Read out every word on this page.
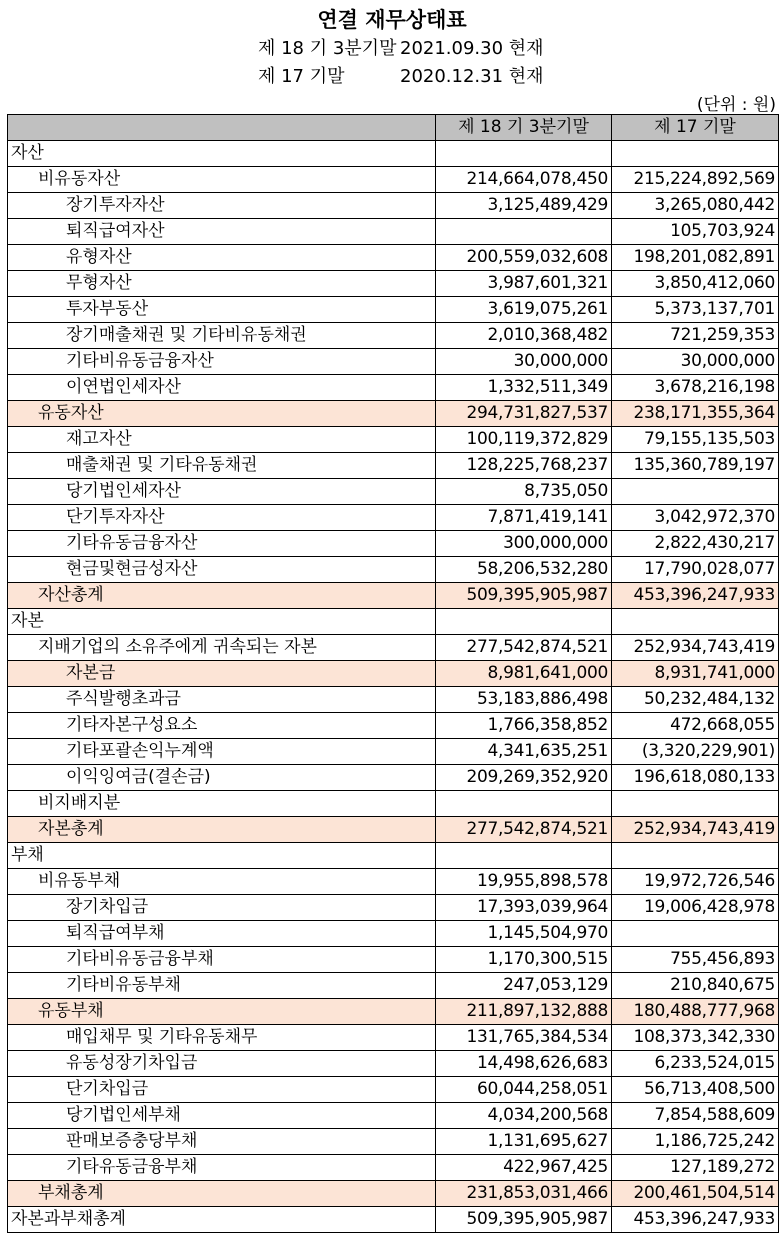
연결 재무상태표
제 18 기 3분기말 2021.09.30 현재
제 17 기말	2020.12.31 현재
(단위 : 원)
	제 18 기 3분기말	제 17 기말
자산		
비유동자산	214,664,078,450	215,224,892,569
장기투자자산	3,125,489,429	3,265,080,442
퇴직급여자산		105,703,924
유형자산	200,559,032,608	198,201,082,891
무형자산	3,987,601,321	3,850,412,060
투자부동산	3,619,075,261	5,373,137,701
장기매출채권 및 기타비유동채권	2,010,368,482	721,259,353
기타비유동금융자산	30,000,000	30,000,000
이연법인세자산	1,332,511,349	3,678,216,198
유동자산	294,731,827,537	238,171,355,364
재고자산	100,119,372,829	79,155,135,503
매출채권 및 기타유동채권	128,225,768,237	135,360,789,197
당기법인세자산	8,735,050	
단기투자자산	7,871,419,141	3,042,972,370
기타유동금융자산	300,000,000	2,822,430,217
현금및현금성자산	58,206,532,280	17,790,028,077
자산총계	509,395,905,987	453,396,247,933
자본		
지배기업의 소유주에게 귀속되는 자본	277,542,874,521	252,934,743,419
자본금	8,981,641,000	8,931,741,000
주식발행초과금	53,183,886,498	50,232,484,132
기타자본구성요소	1,766,358,852	472,668,055
기타포괄손익누계액	4,341,635,251	(3,320,229,901)
이익잉여금(결손금)	209,269,352,920	196,618,080,133
비지배지분		
자본총계	277,542,874,521	252,934,743,419
부채		
비유동부채	19,955,898,578	19,972,726,546
장기차입금	17,393,039,964	19,006,428,978
퇴직급여부채	1,145,504,970	
기타비유동금융부채	1,170,300,515	755,456,893
기타비유동부채	247,053,129	210,840,675
유동부채	211,897,132,888	180,488,777,968
매입채무 및 기타유동채무	131,765,384,534	108,373,342,330
유동성장기차입금	14,498,626,683	6,233,524,015
단기차입금	60,044,258,051	56,713,408,500
당기법인세부채	4,034,200,568	7,854,588,609
판매보증충당부채	1,131,695,627	1,186,725,242
기타유동금융부채	422,967,425	127,189,272
부채총계	231,853,031,466	200,461,504,514
자본과부채총계	509,395,905,987	453,396,247,933
